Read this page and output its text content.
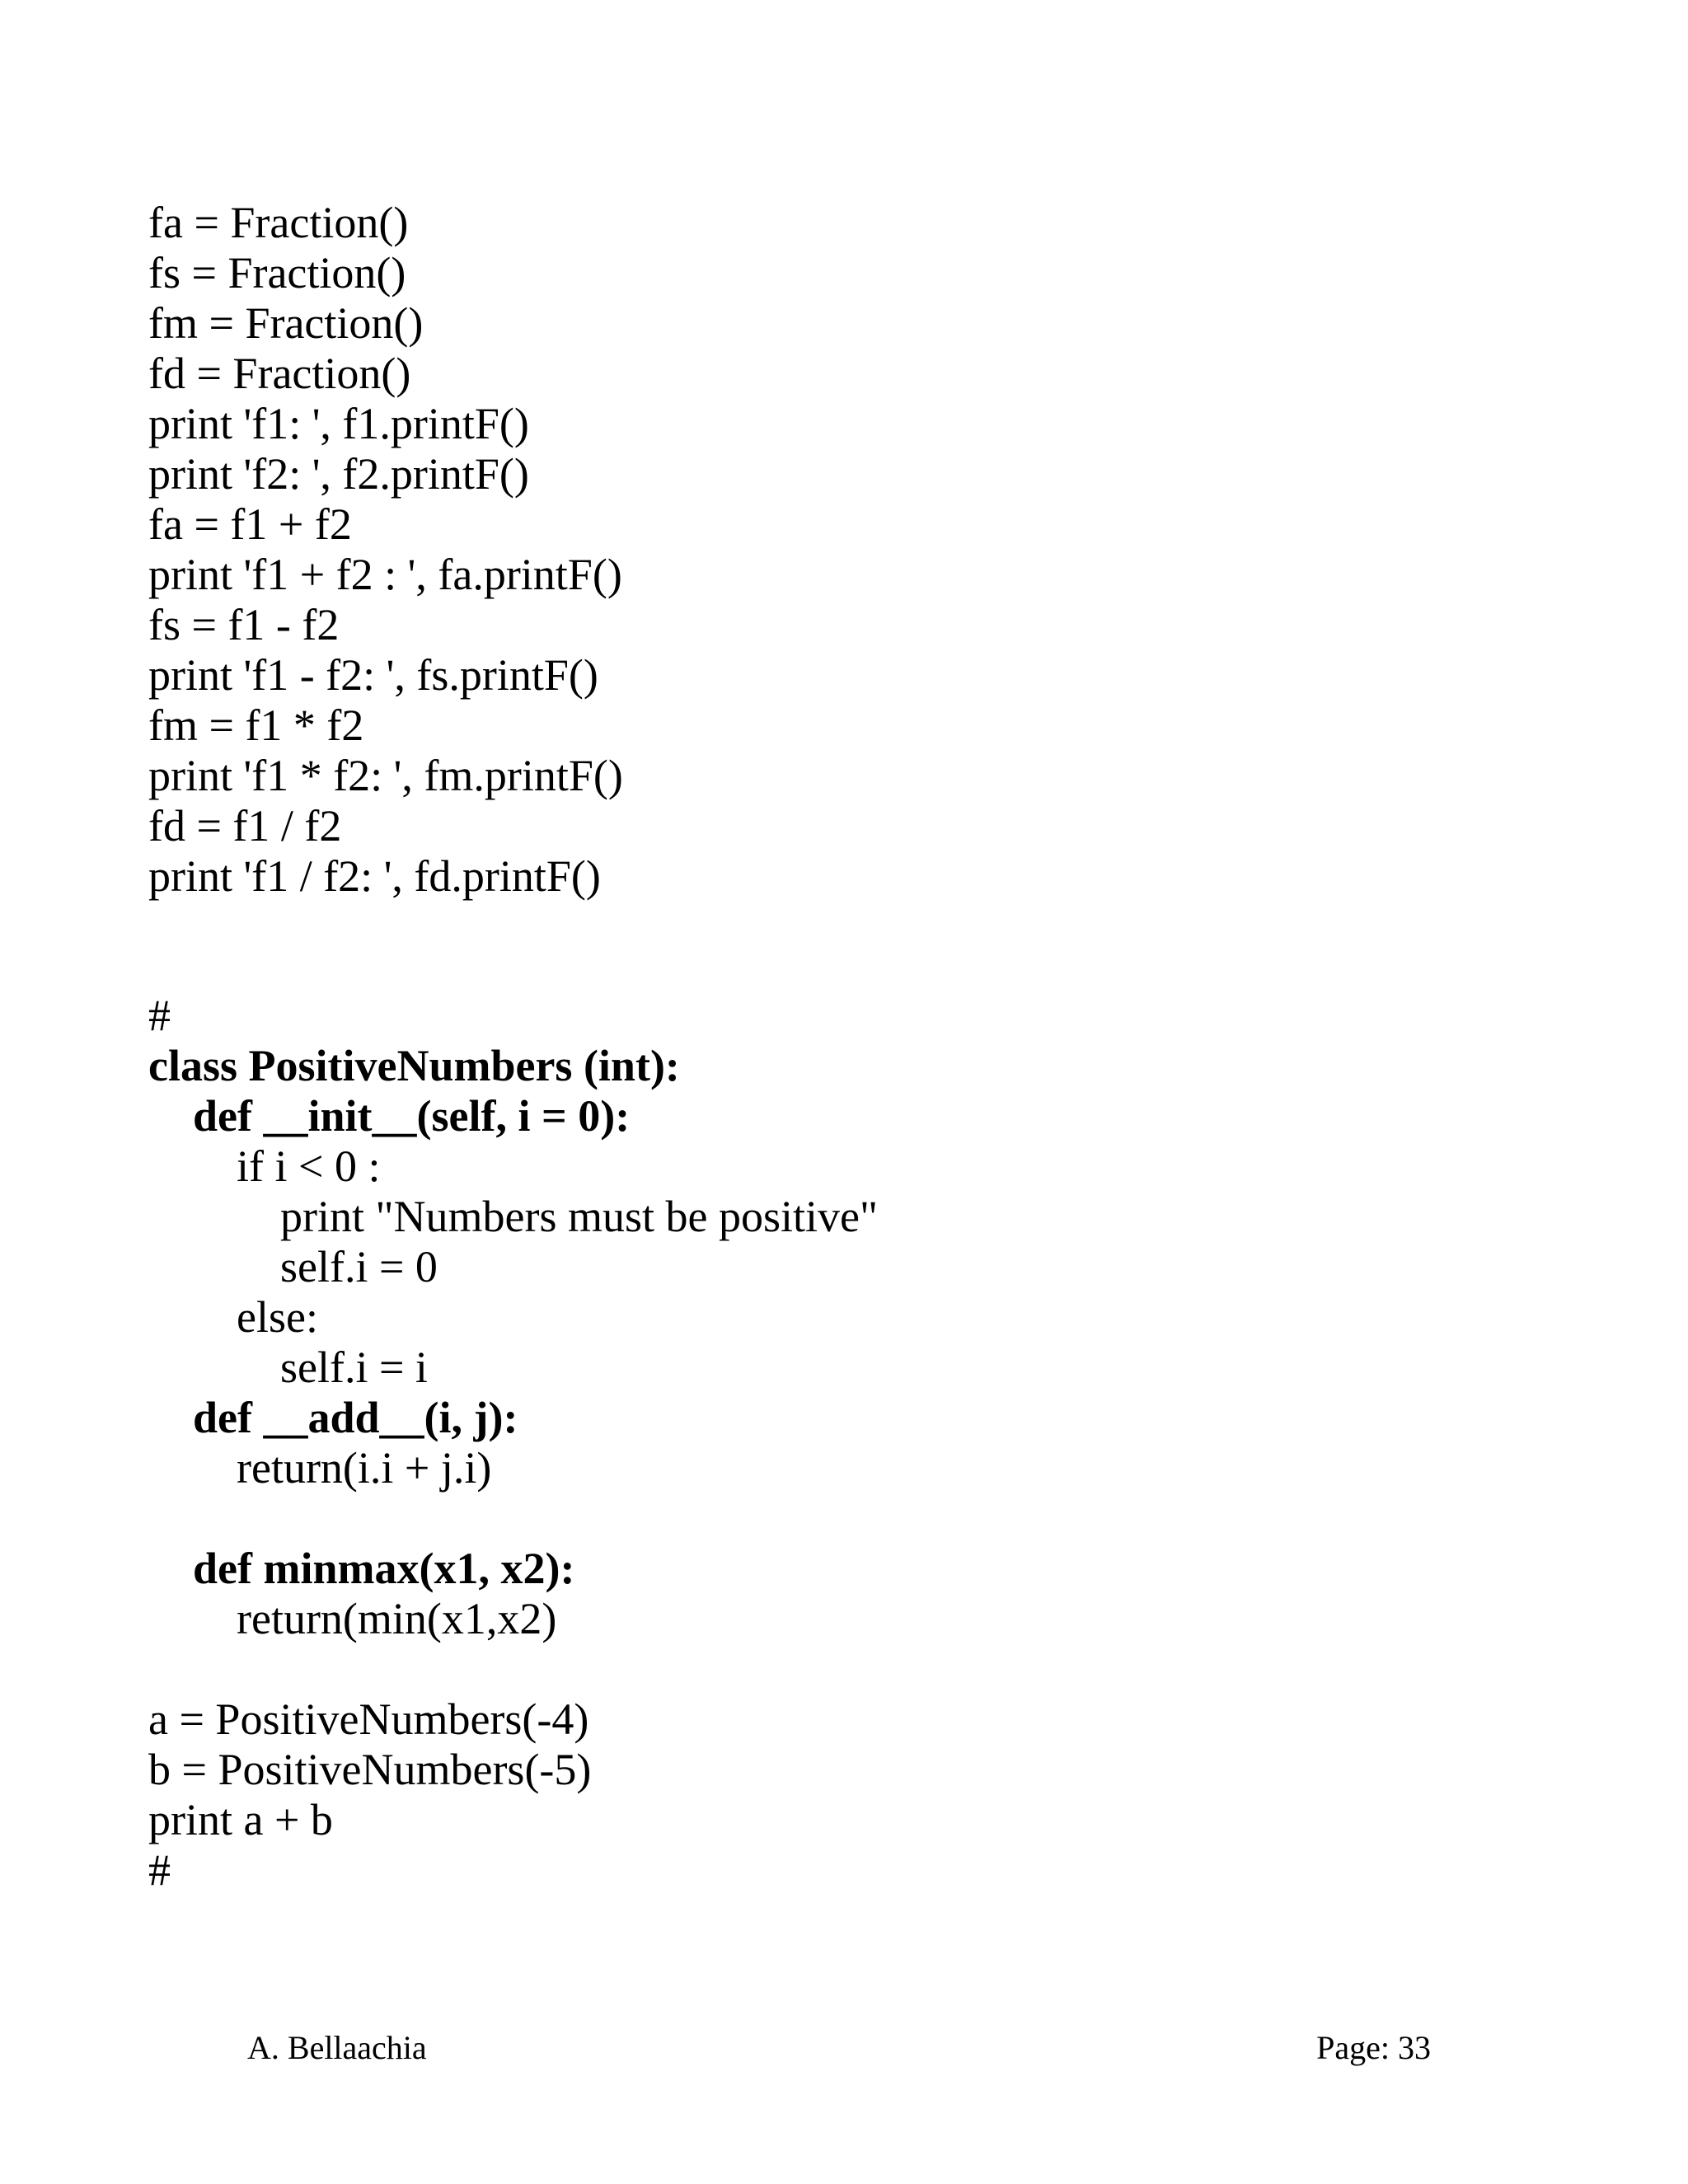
fa = Fraction()
fs = Fraction()
fm = Fraction()
fd = Fraction()
print 'f1: ', f1.printF()
print 'f2: ', f2.printF()
fa = f1 + f2
print 'f1 + f2 : ', fa.printF()
fs = f1 - f2
print 'f1 - f2: ', fs.printF()
fm = f1 * f2
print 'f1 * f2: ', fm.printF()
fd = f1 / f2
print 'f1 / f2: ', fd.printF()
#
class PositiveNumbers (int):
def __init__(self, i = 0):
if i < 0 :
print "Numbers must be positive"
self.i = 0
else:
self.i = i
def __add__(i, j):
return(i.i + j.i)
def minmax(x1, x2):
return(min(x1,x2)
a = PositiveNumbers(-4)
b = PositiveNumbers(-5)
print a + b
#
A. Bellaachia	Page: 33
